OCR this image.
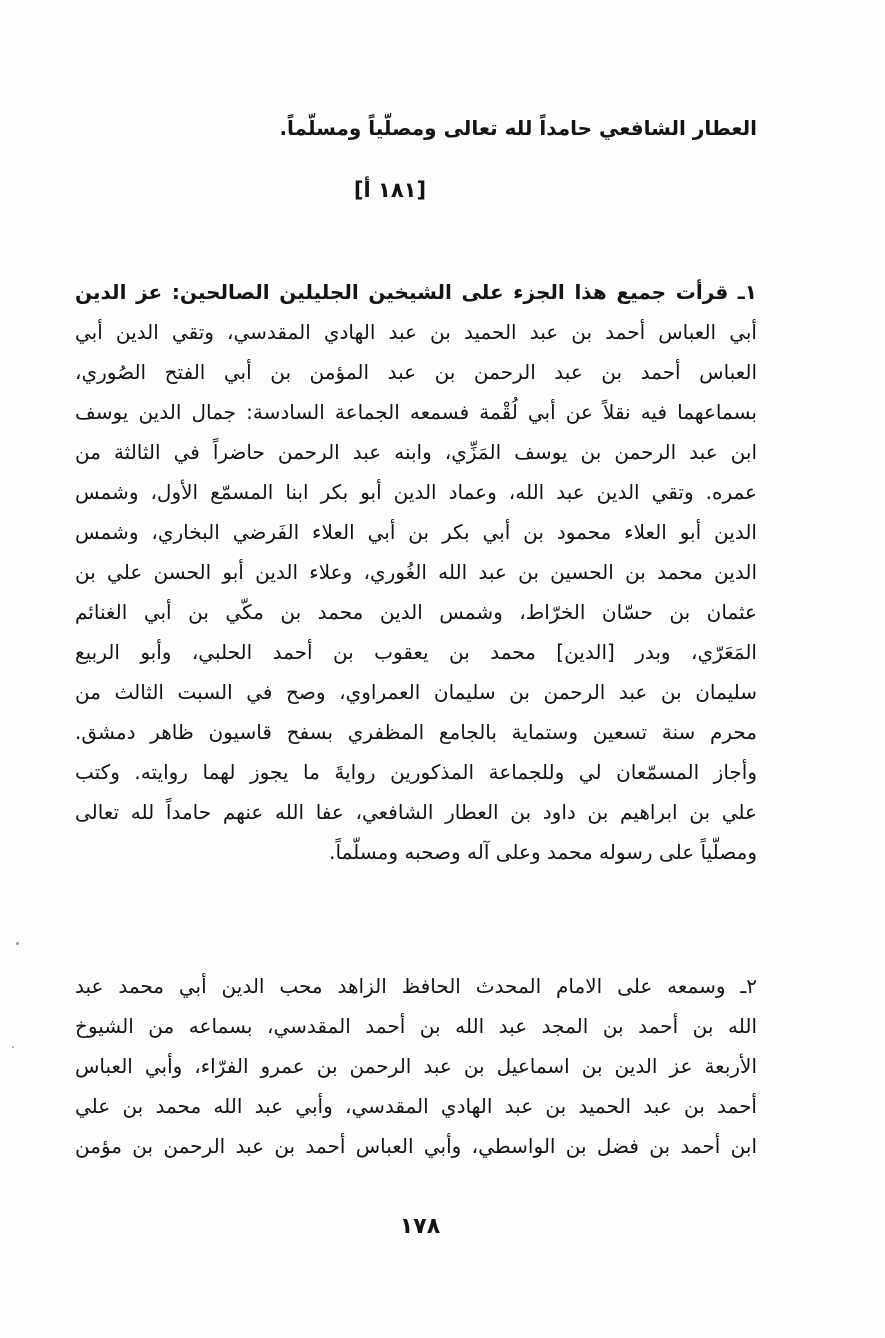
العطار الشافعي حامداً لله تعالى ومصلّياً ومسلّماً.
[١٨١ أ]
١ـ قرأت جميع هذا الجزء على الشيخين الجليلين الصالحين: عز الدين
أبي العباس أحمد بن عبد الحميد بن عبد الهادي المقدسي، وتقي الدين أبي
العباس أحمد بن عبد الرحمن بن عبد المؤمن بن أبي الفتح الصُوري،
بسماعهما فيه نقلاً عن أبي لُقْمة فسمعه الجماعة السادسة: جمال الدين يوسف
ابن عبد الرحمن بن يوسف المَزِّي، وابنه عبد الرحمن حاضراً في الثالثة من
عمره. وتقي الدين عبد الله، وعماد الدين أبو بكر ابنا المسمّع الأول، وشمس
الدين أبو العلاء محمود بن أبي بكر بن أبي العلاء الفَرضي البخاري، وشمس
الدين محمد بن الحسين بن عبد الله الغُوري، وعلاء الدين أبو الحسن علي بن
عثمان بن حسّان الخرّاط، وشمس الدين محمد بن مكّي بن أبي الغنائم
المَعَرّي، وبدر [الدين] محمد بن يعقوب بن أحمد الحلبي، وأبو الربيع
سليمان بن عبد الرحمن بن سليمان العمراوي، وصح في السبت الثالث من
محرم سنة تسعين وستماية بالجامع المظفري بسفح قاسيون ظاهر دمشق.
وأجاز المسمّعان لي وللجماعة المذكورين روايةَ ما يجوز لهما روايته. وكتب
علي بن ابراهيم بن داود بن العطار الشافعي، عفا الله عنهم حامداً لله تعالى
ومصلّياً على رسوله محمد وعلى آله وصحبه ومسلّماً.
٢ـ وسمعه على الامام المحدث الحافظ الزاهد محب الدين أبي محمد عبد
الله بن أحمد بن المجد عبد الله بن أحمد المقدسي، بسماعه من الشيوخ
الأربعة عز الدين بن اسماعيل بن عبد الرحمن بن عمرو الفرّاء، وأبي العباس
أحمد بن عبد الحميد بن عبد الهادي المقدسي، وأبي عبد الله محمد بن علي
ابن أحمد بن فضل بن الواسطي، وأبي العباس أحمد بن عبد الرحمن بن مؤمن
١٧٨
